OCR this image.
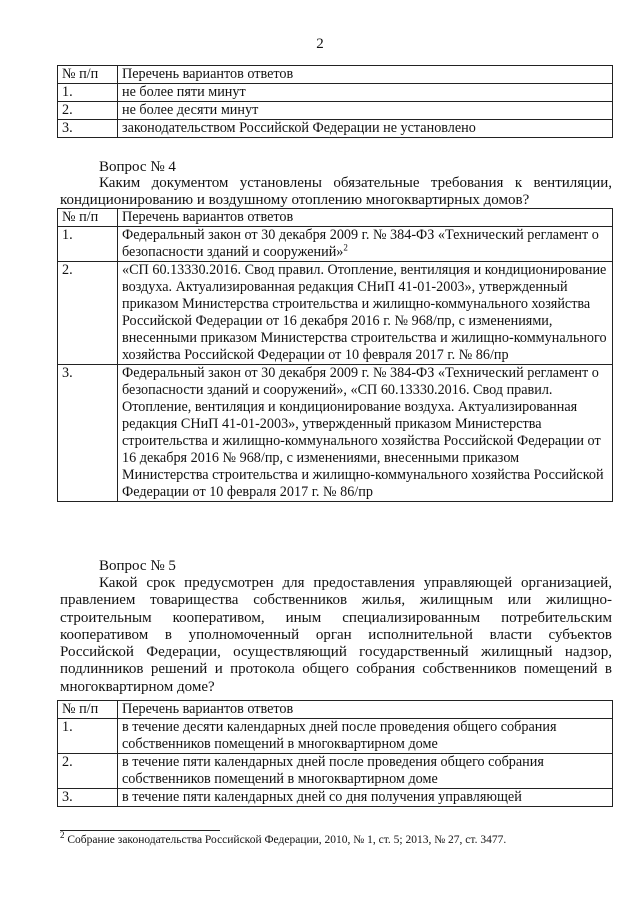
2
№ п/п	Перечень вариантов ответов
1.	не более пяти минут
2.	не более десяти минут
3.	законодательством Российской Федерации не установлено
Вопрос № 4

Каким документом установлены обязательные требования к вентиляции, кондиционированию и воздушному отоплению многоквартирных домов?

№ п/п	Перечень вариантов ответов
1.	Федеральный закон от 30 декабря 2009 г. № 384-ФЗ «Технический регламент о безопасности зданий и сооружений»$^2$
2.	«СП 60.13330.2016. Свод правил. Отопление, вентиляция и кондиционирование воздуха. Актуализированная редакция СНиП 41-01-2003», утвержденный приказом Министерства строительства и жилищно-коммунального хозяйства Российской Федерации от 16 декабря 2016 г. № 968/пр, с изменениями, внесенными приказом Министерства строительства и жилищно-коммунального хозяйства Российской Федерации от 10 февраля 2017 г. № 86/пр
3.	Федеральный закон от 30 декабря 2009 г. № 384-ФЗ «Технический регламент о безопасности зданий и сооружений», «СП 60.13330.2016. Свод правил. Отопление, вентиляция и кондиционирование воздуха. Актуализированная редакция СНиП 41-01-2003», утвержденный приказом Министерства строительства и жилищно-коммунального хозяйства Российской Федерации от 16 декабря 2016 № 968/пр, с изменениями, внесенными приказом Министерства строительства и жилищно-коммунального хозяйства Российской Федерации от 10 февраля 2017 г. № 86/пр
Вопрос № 5

Какой срок предусмотрен для предоставления управляющей организацией, правлением товарищества собственников жилья, жилищным или жилищно-строительным кооперативом, иным специализированным потребительским кооперативом в уполномоченный орган исполнительной власти субъектов Российской Федерации, осуществляющий государственный жилищный надзор, подлинников решений и протокола общего собрания собственников помещений в многоквартирном доме?

№ п/п	Перечень вариантов ответов
1.	в течение десяти календарных дней после проведения общего собрания собственников помещений в многоквартирном доме
2.	в течение пяти календарных дней после проведения общего собрания собственников помещений в многоквартирном доме
3.	в течение пяти календарных дней со дня получения управляющей
$^2$ Собрание законодательства Российской Федерации, 2010, № 1, ст. 5; 2013, № 27, ст. 3477.
